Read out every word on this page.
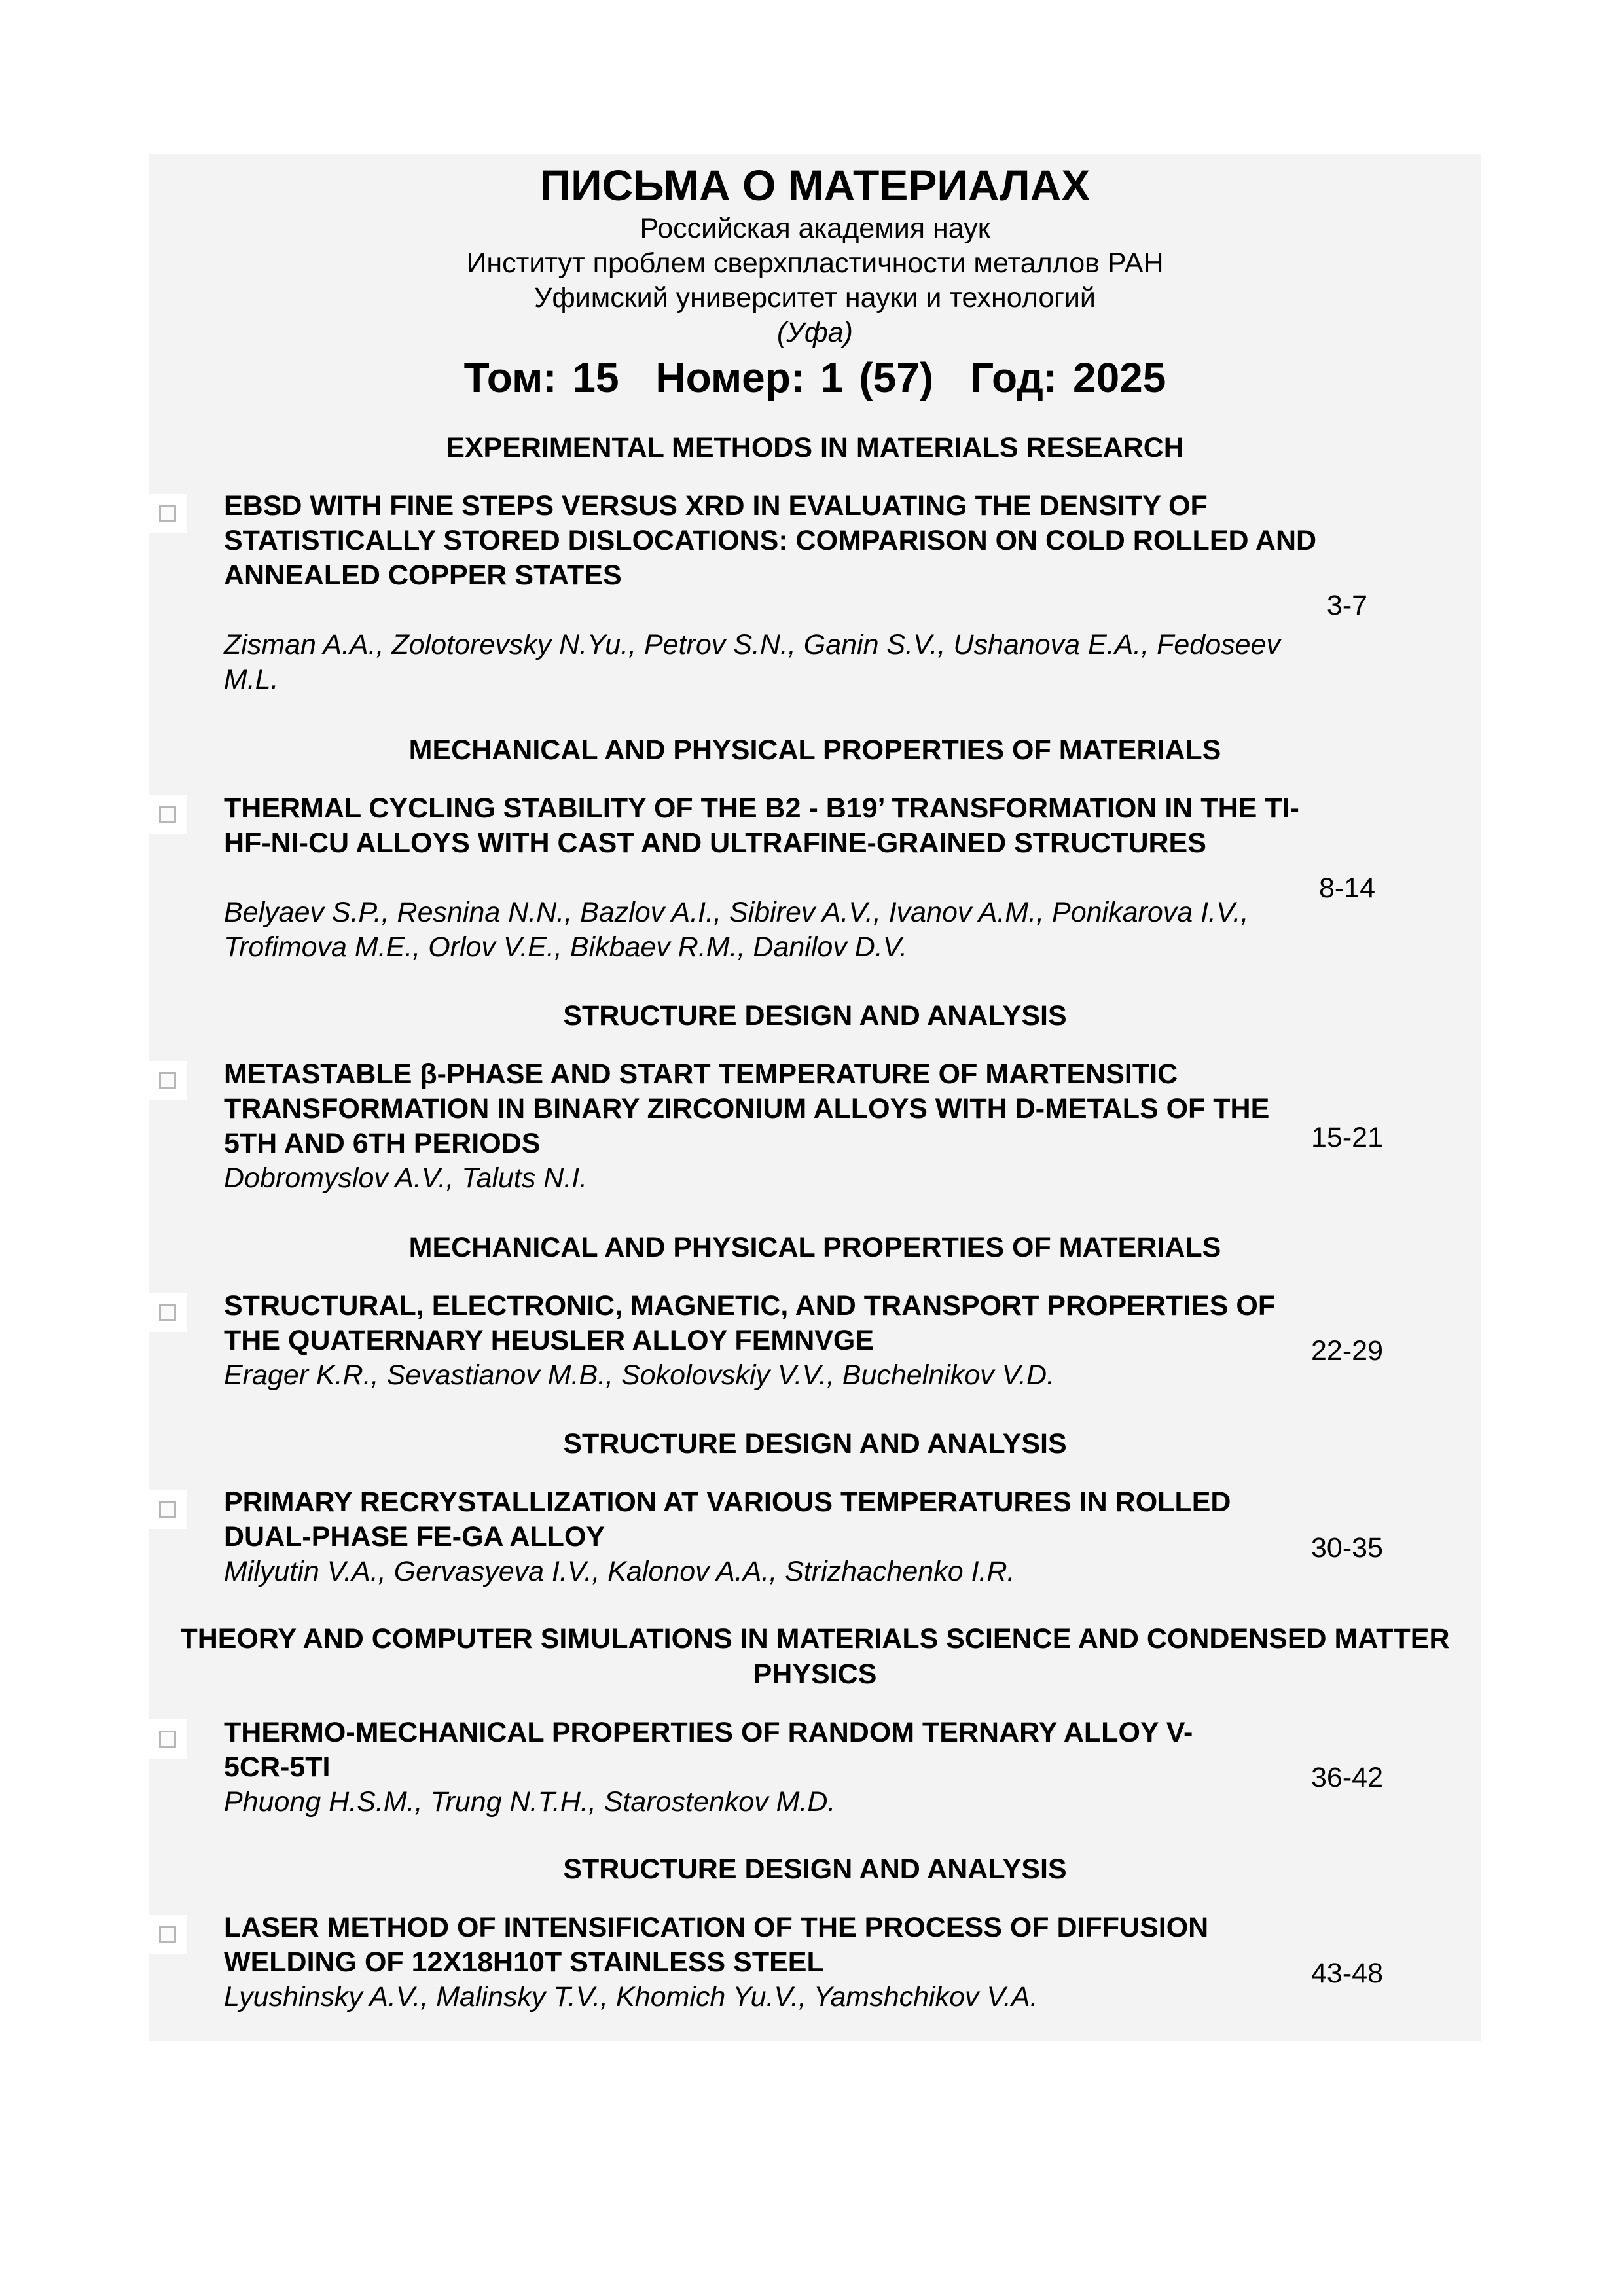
ПИСЬМА О МАТЕРИАЛАХ
Российская академия наук
Институт проблем сверхпластичности металлов РАН
Уфимский университет науки и технологий
(Уфа)
Том: 15 Номер: 1 (57) Год: 2025
EXPERIMENTAL METHODS IN MATERIALS RESEARCH
EBSD WITH FINE STEPS VERSUS XRD IN EVALUATING THE DENSITY OF STATISTICALLY STORED DISLOCATIONS: COMPARISON ON COLD ROLLED AND ANNEALED COPPER STATES
Zisman A.A., Zolotorevsky N.Yu., Petrov S.N., Ganin S.V., Ushanova E.A., Fedoseev M.L.
3-7
MECHANICAL AND PHYSICAL PROPERTIES OF MATERIALS
THERMAL CYCLING STABILITY OF THE B2 - B19’ TRANSFORMATION IN THE TI-HF-NI-CU ALLOYS WITH CAST AND ULTRAFINE-GRAINED STRUCTURES
Belyaev S.P., Resnina N.N., Bazlov A.I., Sibirev A.V., Ivanov A.M., Ponikarova I.V., Trofimova M.E., Orlov V.E., Bikbaev R.M., Danilov D.V.
8-14
STRUCTURE DESIGN AND ANALYSIS
METASTABLE β-PHASE AND START TEMPERATURE OF MARTENSITIC TRANSFORMATION IN BINARY ZIRCONIUM ALLOYS WITH D-METALS OF THE 5TH AND 6TH PERIODS
Dobromyslov A.V., Taluts N.I.
15-21
MECHANICAL AND PHYSICAL PROPERTIES OF MATERIALS
STRUCTURAL, ELECTRONIC, MAGNETIC, AND TRANSPORT PROPERTIES OF THE QUATERNARY HEUSLER ALLOY FEMNVGE
Erager K.R., Sevastianov M.B., Sokolovskiy V.V., Buchelnikov V.D.
22-29
STRUCTURE DESIGN AND ANALYSIS
PRIMARY RECRYSTALLIZATION AT VARIOUS TEMPERATURES IN ROLLED DUAL-PHASE FE-GA ALLOY
Milyutin V.A., Gervasyeva I.V., Kalonov A.A., Strizhachenko I.R.
30-35
THEORY AND COMPUTER SIMULATIONS IN MATERIALS SCIENCE AND CONDENSED MATTER PHYSICS
THERMO-MECHANICAL PROPERTIES OF RANDOM TERNARY ALLOY V-5CR-5TI
Phuong H.S.M., Trung N.T.H., Starostenkov M.D.
36-42
STRUCTURE DESIGN AND ANALYSIS
LASER METHOD OF INTENSIFICATION OF THE PROCESS OF DIFFUSION WELDING OF 12X18H10T STAINLESS STEEL
Lyushinsky A.V., Malinsky T.V., Khomich Yu.V., Yamshchikov V.A.
43-48
